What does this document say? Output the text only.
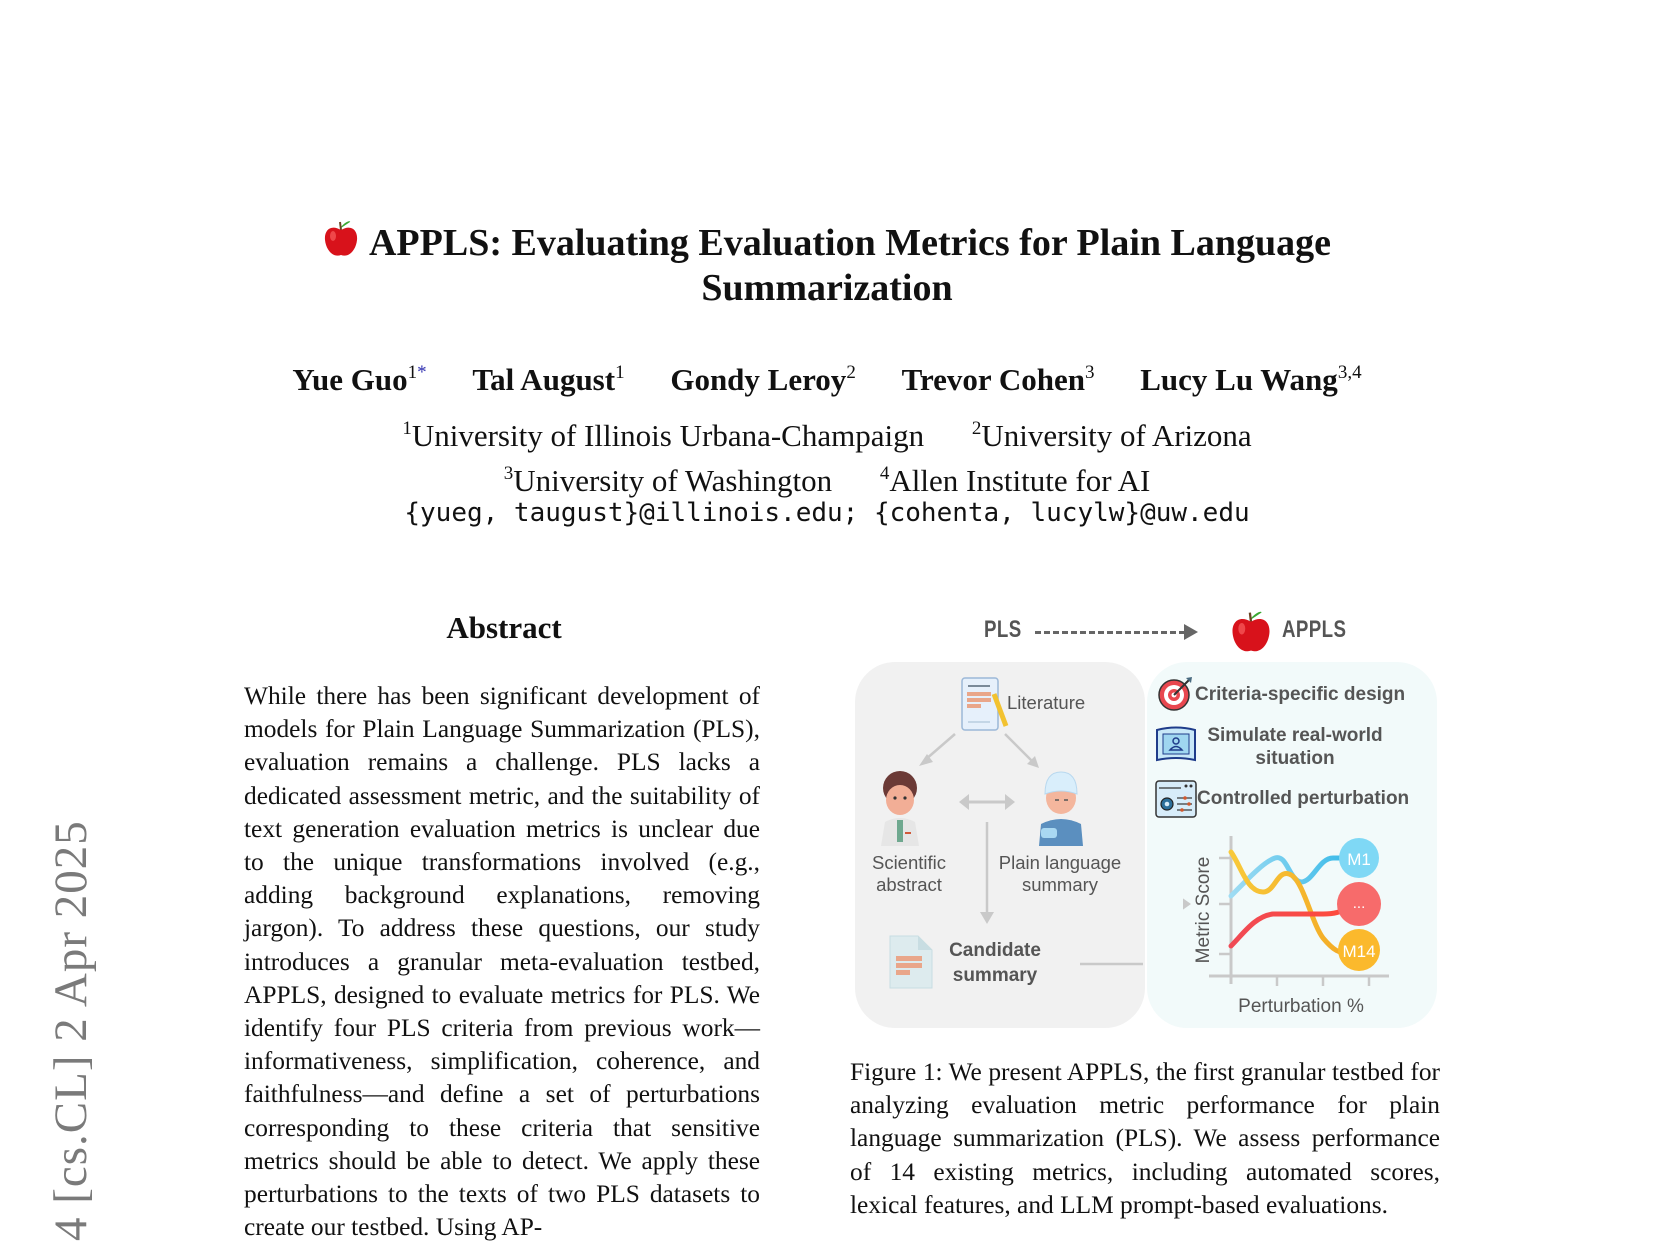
4 [cs.CL] 2 Apr 2025
APPLS: Evaluating Evaluation Metrics for Plain Language
Summarization
Yue Guo$^{1*}$ Tal August$^1$ Gondy Leroy$^2$ Trevor Cohen$^3$ Lucy Lu Wang$^{3,4}$
$^1$University of Illinois Urbana-Champaign	$^2$University of Arizona
$^3$University of Washington	$^4$Allen Institute for AI
{yueg, taugust}@illinois.edu; {cohenta, lucylw}@uw.edu
Abstract
While there has been significant development of models for Plain Language Summarization (PLS), evaluation remains a challenge. PLS lacks a dedicated assessment metric, and the suitability of text generation evaluation metrics is unclear due to the unique transformations involved (e.g., adding background explanations, removing jargon). To address these questions, our study introduces a granular meta-evaluation testbed, APPLS, designed to evaluate metrics for PLS. We identify four PLS criteria from previous work—informativeness, simplification, coherence, and faithfulness—and define a set of perturbations corresponding to these criteria that sensitive metrics should be able to detect. We apply these perturbations to the texts of two PLS datasets to create our testbed. Using AP-
PLS	APPLS
Literature
Scientific
abstract
Plain language
summary
Candidate
summary
Criteria-specific design
Simulate real-world
situation
Controlled perturbation
M1
...
M14
Metric Score
Perturbation %
Figure 1: We present APPLS, the first granular testbed for analyzing evaluation metric performance for plain language summarization (PLS). We assess performance of 14 existing metrics, including automated scores, lexical features, and LLM prompt-based evaluations.
